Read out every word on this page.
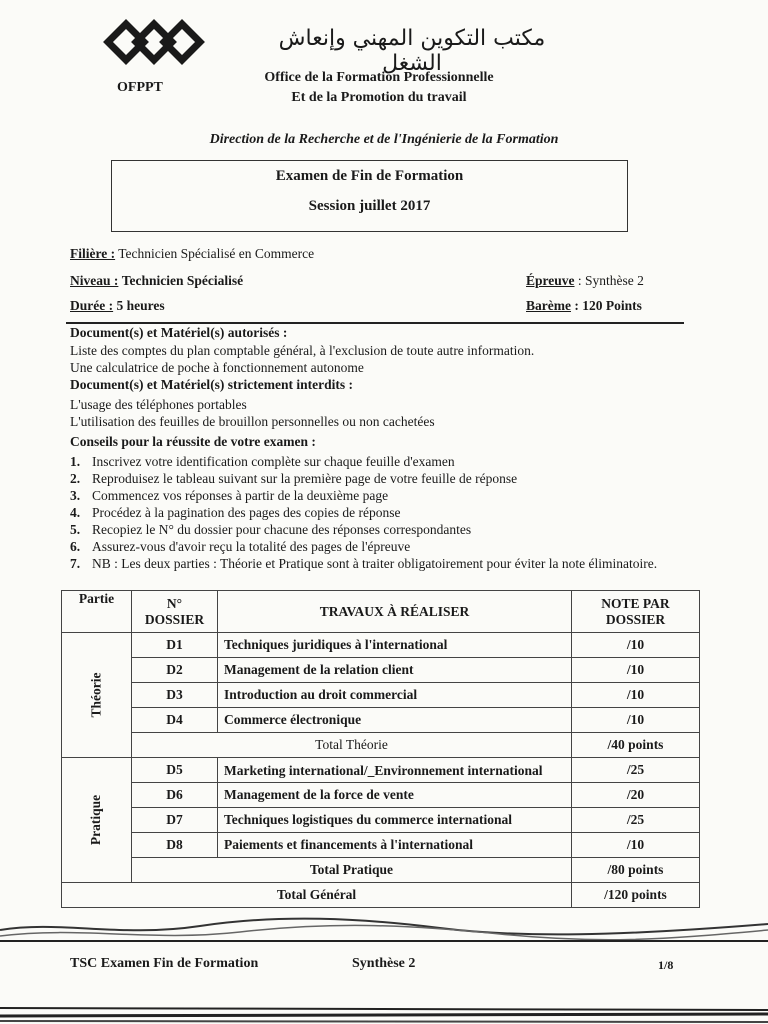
OFPPT
مكتب التكوين المهني وإنعاش الشغل
Office de la Formation Professionnelle
Et de la Promotion du travail
Direction de la Recherche et de l'Ingénierie de la Formation
Examen de Fin de Formation
Session juillet 2017
Filière : Technicien Spécialisé en Commerce
Niveau : Technicien Spécialisé
Durée : 5 heures
Épreuve : Synthèse 2
Barème : 120 Points
Document(s) et Matériel(s) autorisés :
Liste des comptes du plan comptable général, à l'exclusion de toute autre information.
Une calculatrice de poche à fonctionnement autonome
Document(s) et Matériel(s) strictement interdits :
L'usage des téléphones portables
L'utilisation des feuilles de brouillon personnelles ou non cachetées
Conseils pour la réussite de votre examen :
1. Inscrivez votre identification complète sur chaque feuille d'examen
2. Reproduisez le tableau suivant sur la première page de votre feuille de réponse
3. Commencez vos réponses à partir de la deuxième page
4. Procédez à la pagination des pages des copies de réponse
5. Recopiez le N° du dossier pour chacune des réponses correspondantes
6. Assurez-vous d'avoir reçu la totalité des pages de l'épreuve
7. NB : Les deux parties : Théorie et Pratique sont à traiter obligatoirement pour éviter la note éliminatoire.
Partie	N° DOSSIER	TRAVAUX À RÉALISER	NOTE PAR DOSSIER
Théorie	D1	Techniques juridiques à l'international	/10
	D2	Management de la relation client	/10
	D3	Introduction au droit commercial	/10
	D4	Commerce électronique	/10
	Total Théorie		/40 points
Pratique	D5	Marketing international/_Environnement international	/25
	D6	Management de la force de vente	/20
	D7	Techniques logistiques du commerce international	/25
	D8	Paiements et financements à l'international	/10
	Total Pratique		/80 points
Total Général			/120 points
TSC Examen Fin de Formation	Synthèse 2	1/8
